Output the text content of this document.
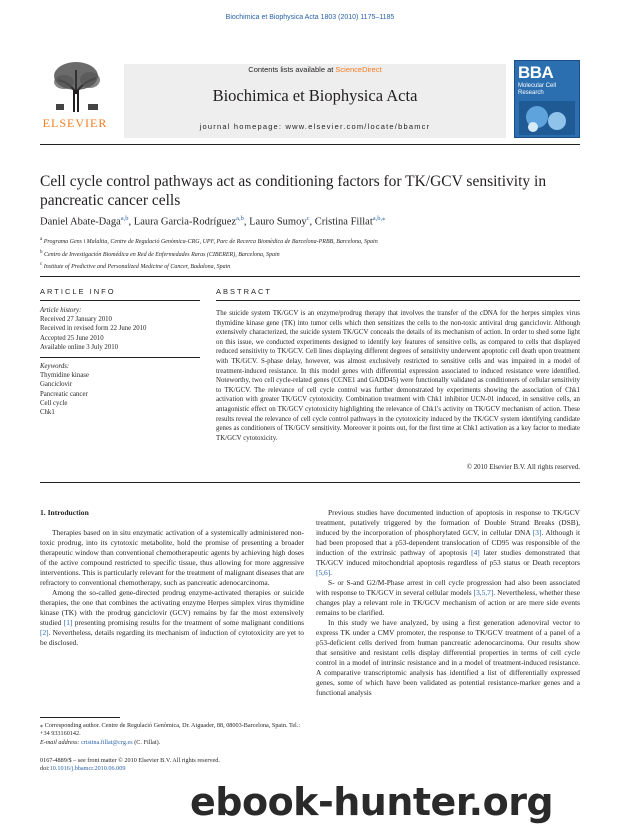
Biochimica et Biophysica Acta 1803 (2010) 1175–1185
ELSEVIER
Contents lists available at ScienceDirect
Biochimica et Biophysica Acta
journal homepage: www.elsevier.com/locate/bbamcr
BBA
Molecular Cell Research
Cell cycle control pathways act as conditioning factors for TK/GCV sensitivity in pancreatic cancer cells
Daniel Abate-Daga$^{a,b}$, Laura Garcia-Rodríguez$^{a,b}$, Lauro Sumoy$^c$, Cristina Fillat$^{a,b,⁎}$
$^a$ Programa Gens i Malaltia, Centre de Regulació Genòmica-CRG, UPF, Parc de Recerca Biomèdica de Barcelona-PRBB, Barcelona, Spain
$^b$ Centro de Investigación Biomédica en Red de Enfermedades Raras (CIBERER), Barcelona, Spain
$^c$ Institute of Predictive and Personalized Medicine of Cancer, Badalona, Spain
ARTICLE INFO
Article history:
Received 27 January 2010
Received in revised form 22 June 2010
Accepted 25 June 2010
Available online 3 July 2010
Keywords:
Thymidine kinase
Ganciclovir
Pancreatic cancer
Cell cycle
Chk1
ABSTRACT
The suicide system TK/GCV is an enzyme/prodrug therapy that involves the transfer of the cDNA for the herpes simplex virus thymidine kinase gene (TK) into tumor cells which then sensitizes the cells to the non-toxic antiviral drug ganciclovir. Although extensively characterized, the suicide system TK/GCV conceals the details of its mechanism of action. In order to shed some light on this issue, we conducted experiments designed to identify key features of sensitive cells, as compared to cells that displayed reduced sensitivity to TK/GCV. Cell lines displaying different degrees of sensitivity underwent apoptotic cell death upon treatment with TK/GCV. S-phase delay, however, was almost exclusively restricted to sensitive cells and was impaired in a model of treatment-induced resistance. In this model genes with differential expression associated to induced resistance were identified. Noteworthy, two cell cycle-related genes (CCNE1 and GADD45) were functionally validated as conditioners of cellular sensitivity to TK/GCV. The relevance of cell cycle control was further demonstrated by experiments showing the association of Chk1 activation with greater TK/GCV cytotoxicity. Combination treatment with Chk1 inhibitor UCN-01 induced, in sensitive cells, an antagonistic effect on TK/GCV cytotoxicity highlighting the relevance of Chk1's activity on TK/GCV mechanism of action. These results reveal the relevance of cell cycle control pathways in the cytotoxicity induced by the TK/GCV system identifying candidate genes as conditioners of TK/GCV sensitivity. Moreover it points out, for the first time at Chk1 activation as a key factor to mediate TK/GCV cytotoxicity.
© 2010 Elsevier B.V. All rights reserved.
1. Introduction

Therapies based on in situ enzymatic activation of a systemically administered non-toxic prodrug, into its cytotoxic metabolite, hold the promise of presenting a broader therapeutic window than conventional chemotherapeutic agents by achieving high doses of the active compound restricted to specific tissue, thus allowing for more aggressive interventions. This is particularly relevant for the treatment of malignant diseases that are refractory to conventional chemotherapy, such as pancreatic adenocarcinoma.

Among the so-called gene-directed prodrug enzyme-activated therapies or suicide therapies, the one that combines the activating enzyme Herpes simplex virus thymidine kinase (TK) with the prodrug ganciclovir (GCV) remains by far the most extensively studied [1] presenting promising results for the treatment of some malignant conditions [2]. Nevertheless, details regarding its mechanism of induction of cytotoxicity are yet to be disclosed.

Previous studies have documented induction of apoptosis in response to TK/GCV treatment, putatively triggered by the formation of Double Strand Breaks (DSB), induced by the incorporation of phosphorylated GCV, in cellular DNA [3]. Although it had been proposed that a p53-dependent translocation of CD95 was responsible of the induction of the extrinsic pathway of apoptosis [4] later studies demonstrated that TK/GCV induced mitochondrial apoptosis regardless of p53 status or Death receptors [5,6].

S- or S-and G2/M-Phase arrest in cell cycle progression had also been associated with response to TK/GCV in several cellular models [3,5,7]. Nevertheless, whether these changes play a relevant role in TK/GCV mechanism of action or are mere side events remains to be clarified.

In this study we have analyzed, by using a first generation adenoviral vector to express TK under a CMV promoter, the response to TK/GCV treatment of a panel of a p53-deficient cells derived from human pancreatic adenocarcinoma. Our results show that sensitive and resistant cells display differential properties in terms of cell cycle control in a model of intrinsic resistance and in a model of treatment-induced resistance. A comparative transcriptomic analysis has identified a list of differentially expressed genes, some of which have been validated as potential resistance-marker genes and a functional analysis

⁎ Corresponding author. Centre de Regulació Genòmica, Dr. Aiguader, 88, 08003-Barcelona, Spain. Tel.: +34 933160142.
E-mail address: cristina.fillat@crg.es (C. Fillat).
0167-4889/$ – see front matter © 2010 Elsevier B.V. All rights reserved.
doi:10.1016/j.bbamcr.2010.06.009
ebook-hunter.org
